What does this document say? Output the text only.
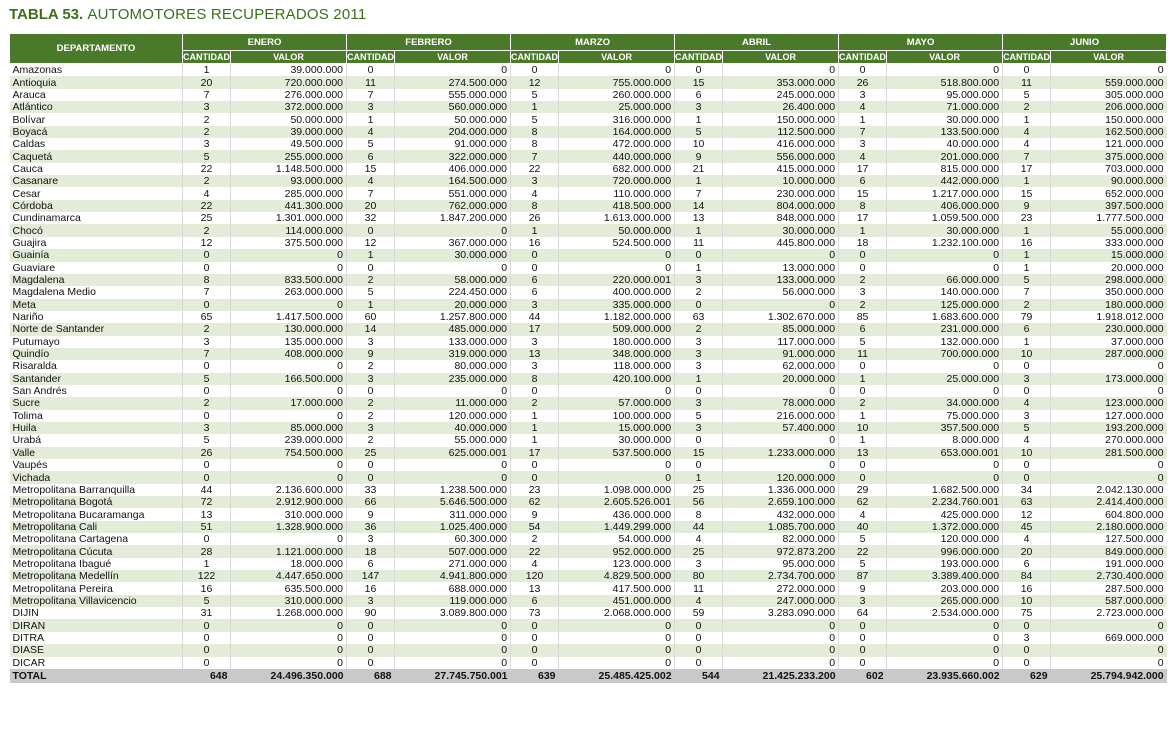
TABLA 53. AUTOMOTORES RECUPERADOS 2011
DEPARTAMENTO	ENERO		FEBRERO		MARZO		ABRIL		MAYO		JUNIO	
	CANTIDAD	VALOR	CANTIDAD	VALOR	CANTIDAD	VALOR	CANTIDAD	VALOR	CANTIDAD	VALOR	CANTIDAD	VALOR
Amazonas	1	39.000.000	0	0	0	0	0	0	0	0	0	0
Antioquia	20	720.000.000	11	274.500.000	12	755.000.000	15	353.000.000	26	518.800.000	11	559.000.000
Arauca	7	276.000.000	7	555.000.000	5	260.000.000	6	245.000.000	3	95.000.000	5	305.000.000
Atlántico	3	372.000.000	3	560.000.000	1	25.000.000	3	26.400.000	4	71.000.000	2	206.000.000
Bolívar	2	50.000.000	1	50.000.000	5	316.000.000	1	150.000.000	1	30.000.000	1	150.000.000
Boyacá	2	39.000.000	4	204.000.000	8	164.000.000	5	112.500.000	7	133.500.000	4	162.500.000
Caldas	3	49.500.000	5	91.000.000	8	472.000.000	10	416.000.000	3	40.000.000	4	121.000.000
Caquetá	5	255.000.000	6	322.000.000	7	440.000.000	9	556.000.000	4	201.000.000	7	375.000.000
Cauca	22	1.148.500.000	15	406.000.000	22	682.000.000	21	415.000.000	17	815.000.000	17	703.000.000
Casanare	2	93.000.000	4	164.500.000	3	720.000.000	1	10.000.000	6	442.000.000	1	90.000.000
Cesar	4	285.000.000	7	551.000.000	4	110.000.000	7	230.000.000	15	1.217.000.000	15	652.000.000
Córdoba	22	441.300.000	20	762.000.000	8	418.500.000	14	804.000.000	8	406.000.000	9	397.500.000
Cundinamarca	25	1.301.000.000	32	1.847.200.000	26	1.613.000.000	13	848.000.000	17	1.059.500.000	23	1.777.500.000
Chocó	2	114.000.000	0	0	1	50.000.000	1	30.000.000	1	30.000.000	1	55.000.000
Guajira	12	375.500.000	12	367.000.000	16	524.500.000	11	445.800.000	18	1.232.100.000	16	333.000.000
Guainía	0	0	1	30.000.000	0	0	0	0	0	0	1	15.000.000
Guaviare	0	0	0	0	0	0	1	13.000.000	0	0	1	20.000.000
Magdalena	8	833.500.000	2	58.000.000	6	220.000.001	3	133.000.000	2	66.000.000	5	298.000.000
Magdalena Medio	7	263.000.000	5	224.450.000	6	400.000.000	2	56.000.000	3	140.000.000	7	350.000.000
Meta	0	0	1	20.000.000	3	335.000.000	0	0	2	125.000.000	2	180.000.000
Nariño	65	1.417.500.000	60	1.257.800.000	44	1.182.000.000	63	1.302.670.000	85	1.683.600.000	79	1.918.012.000
Norte de Santander	2	130.000.000	14	485.000.000	17	509.000.000	2	85.000.000	6	231.000.000	6	230.000.000
Putumayo	3	135.000.000	3	133.000.000	3	180.000.000	3	117.000.000	5	132.000.000	1	37.000.000
Quindío	7	408.000.000	9	319.000.000	13	348.000.000	3	91.000.000	11	700.000.000	10	287.000.000
Risaralda	0	0	2	80.000.000	3	118.000.000	3	62.000.000	0	0	0	0
Santander	5	166.500.000	3	235.000.000	8	420.100.000	1	20.000.000	1	25.000.000	3	173.000.000
San Andrés	0	0	0	0	0	0	0	0	0	0	0	0
Sucre	2	17.000.000	2	11.000.000	2	57.000.000	3	78.000.000	2	34.000.000	4	123.000.000
Tolima	0	0	2	120.000.000	1	100.000.000	5	216.000.000	1	75.000.000	3	127.000.000
Huila	3	85.000.000	3	40.000.000	1	15.000.000	3	57.400.000	10	357.500.000	5	193.200.000
Urabá	5	239.000.000	2	55.000.000	1	30.000.000	0	0	1	8.000.000	4	270.000.000
Valle	26	754.500.000	25	625.000.001	17	537.500.000	15	1.233.000.000	13	653.000.001	10	281.500.000
Vaupés	0	0	0	0	0	0	0	0	0	0	0	0
Vichada	0	0	0	0	0	0	1	120.000.000	0	0	0	0
Metropolitana Barranquilla	44	2.136.600.000	33	1.238.500.000	23	1.098.000.000	25	1.336.000.000	29	1.682.500.000	34	2.042.130.000
Metropolitana Bogotá	72	2.912.900.000	66	5.646.500.000	62	2.605.526.001	56	2.659.100.000	62	2.234.760.001	63	2.414.400.000
Metropolitana Bucaramanga	13	310.000.000	9	311.000.000	9	436.000.000	8	432.000.000	4	425.000.000	12	604.800.000
Metropolitana Cali	51	1.328.900.000	36	1.025.400.000	54	1.449.299.000	44	1.085.700.000	40	1.372.000.000	45	2.180.000.000
Metropolitana Cartagena	0	0	3	60.300.000	2	54.000.000	4	82.000.000	5	120.000.000	4	127.500.000
Metropolitana Cúcuta	28	1.121.000.000	18	507.000.000	22	952.000.000	25	972.873.200	22	996.000.000	20	849.000.000
Metropolitana Ibagué	1	18.000.000	6	271.000.000	4	123.000.000	3	95.000.000	5	193.000.000	6	191.000.000
Metropolitana Medellín	122	4.447.650.000	147	4.941.800.000	120	4.829.500.000	80	2.734.700.000	87	3.389.400.000	84	2.730.400.000
Metropolitana Pereira	16	635.500.000	16	688.000.000	13	417.500.000	11	272.000.000	9	203.000.000	16	287.500.000
Metropolitana Villavicencio	5	310.000.000	3	119.000.000	6	451.000.000	4	247.000.000	3	265.000.000	10	587.000.000
DIJIN	31	1.268.000.000	90	3.089.800.000	73	2.068.000.000	59	3.283.090.000	64	2.534.000.000	75	2.723.000.000
DIRAN	0	0	0	0	0	0	0	0	0	0	0	0
DITRA	0	0	0	0	0	0	0	0	0	0	3	669.000.000
DIASE	0	0	0	0	0	0	0	0	0	0	0	0
DICAR	0	0	0	0	0	0	0	0	0	0	0	0
TOTAL	648	24.496.350.000	688	27.745.750.001	639	25.485.425.002	544	21.425.233.200	602	23.935.660.002	629	25.794.942.000
